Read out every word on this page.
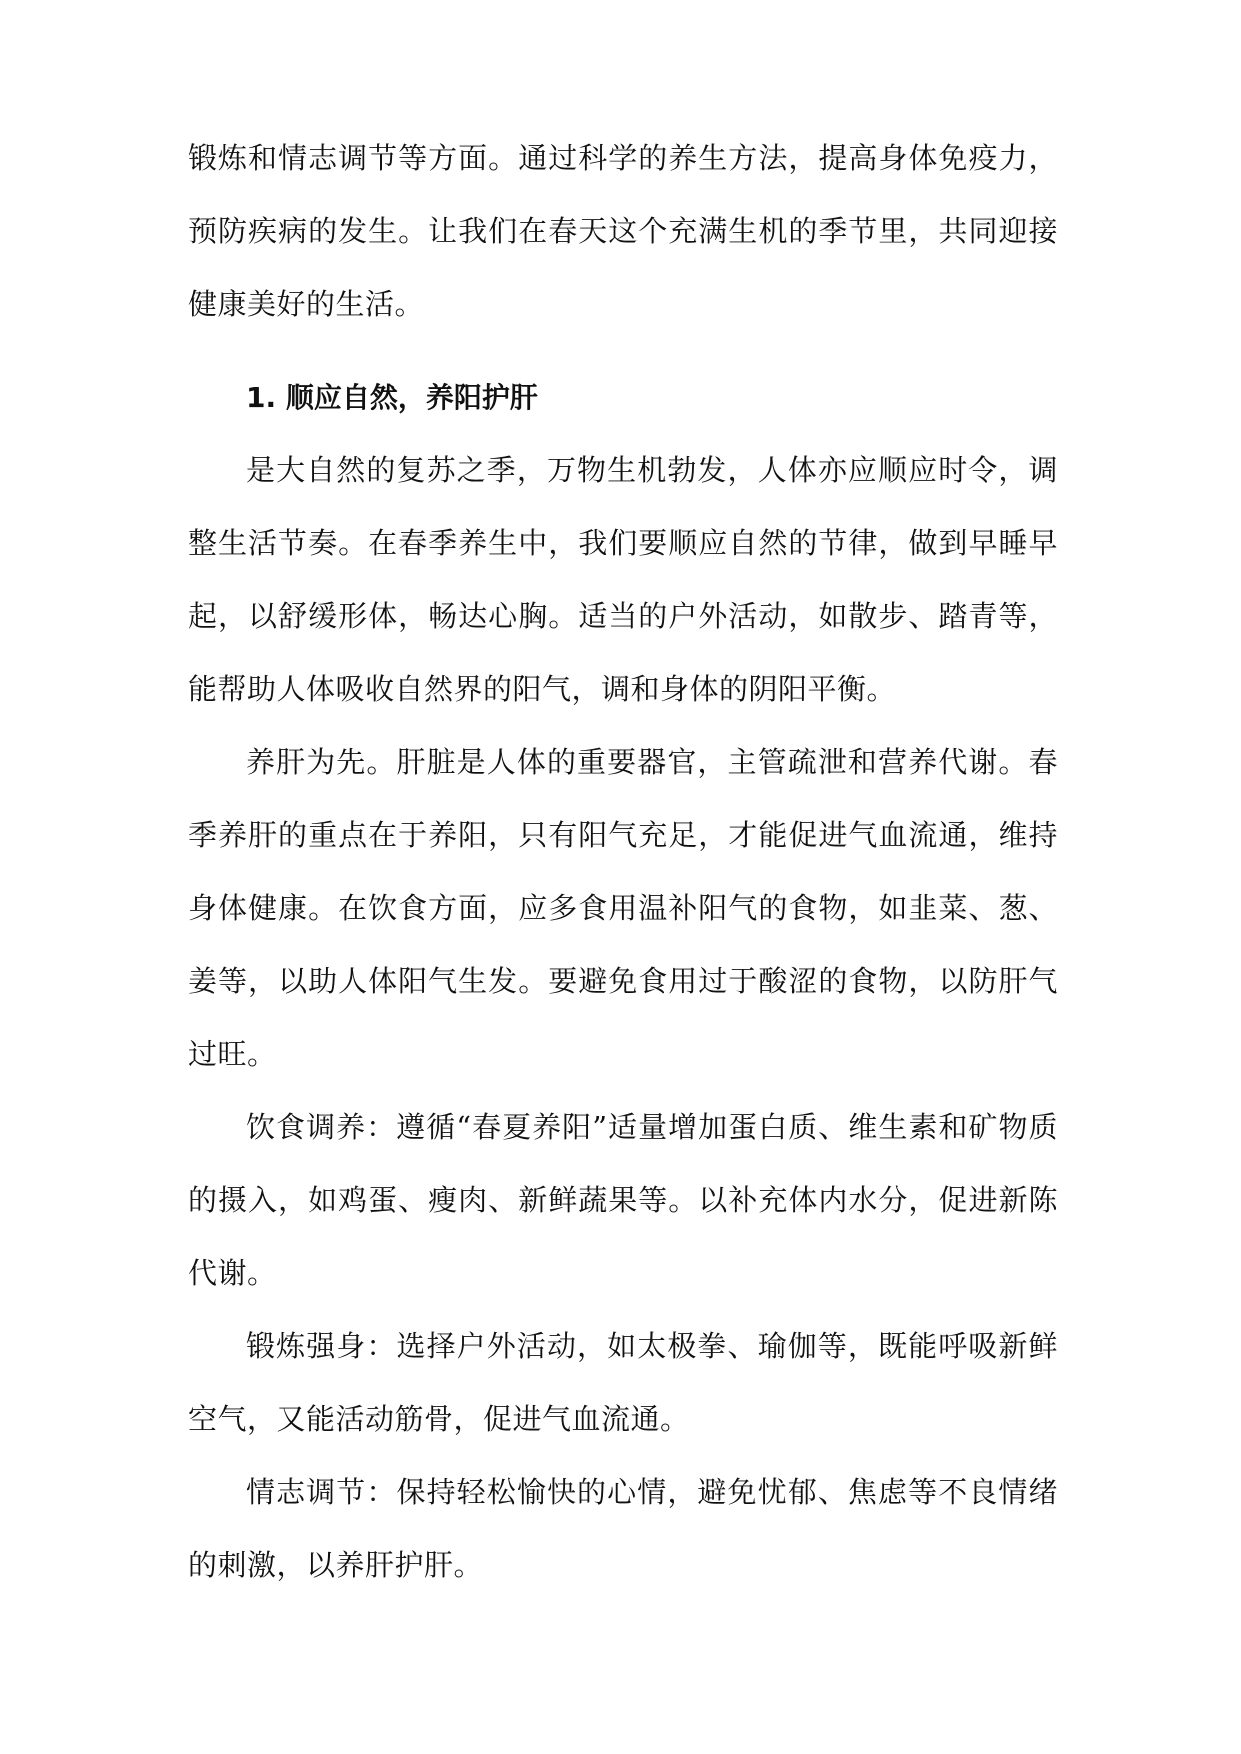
锻炼和情志调节等方面。通过科学的养生方法，提高身体免疫力，预防疾病的发生。让我们在春天这个充满生机的季节里，共同迎接健康美好的生活。

1. 顺应自然，养阳护肝

是大自然的复苏之季，万物生机勃发，人体亦应顺应时令，调整生活节奏。在春季养生中，我们要顺应自然的节律，做到早睡早起，以舒缓形体，畅达心胸。适当的户外活动，如散步、踏青等，能帮助人体吸收自然界的阳气，调和身体的阴阳平衡。

养肝为先。肝脏是人体的重要器官，主管疏泄和营养代谢。春季养肝的重点在于养阳，只有阳气充足，才能促进气血流通，维持身体健康。在饮食方面，应多食用温补阳气的食物，如韭菜、葱、姜等，以助人体阳气生发。要避免食用过于酸涩的食物，以防肝气过旺。

饮食调养：遵循“春夏养阳”适量增加蛋白质、维生素和矿物质的摄入，如鸡蛋、瘦肉、新鲜蔬果等。以补充体内水分，促进新陈代谢。

锻炼强身：选择户外活动，如太极拳、瑜伽等，既能呼吸新鲜空气，又能活动筋骨，促进气血流通。

情志调节：保持轻松愉快的心情，避免忧郁、焦虑等不良情绪的刺激，以养肝护肝。
